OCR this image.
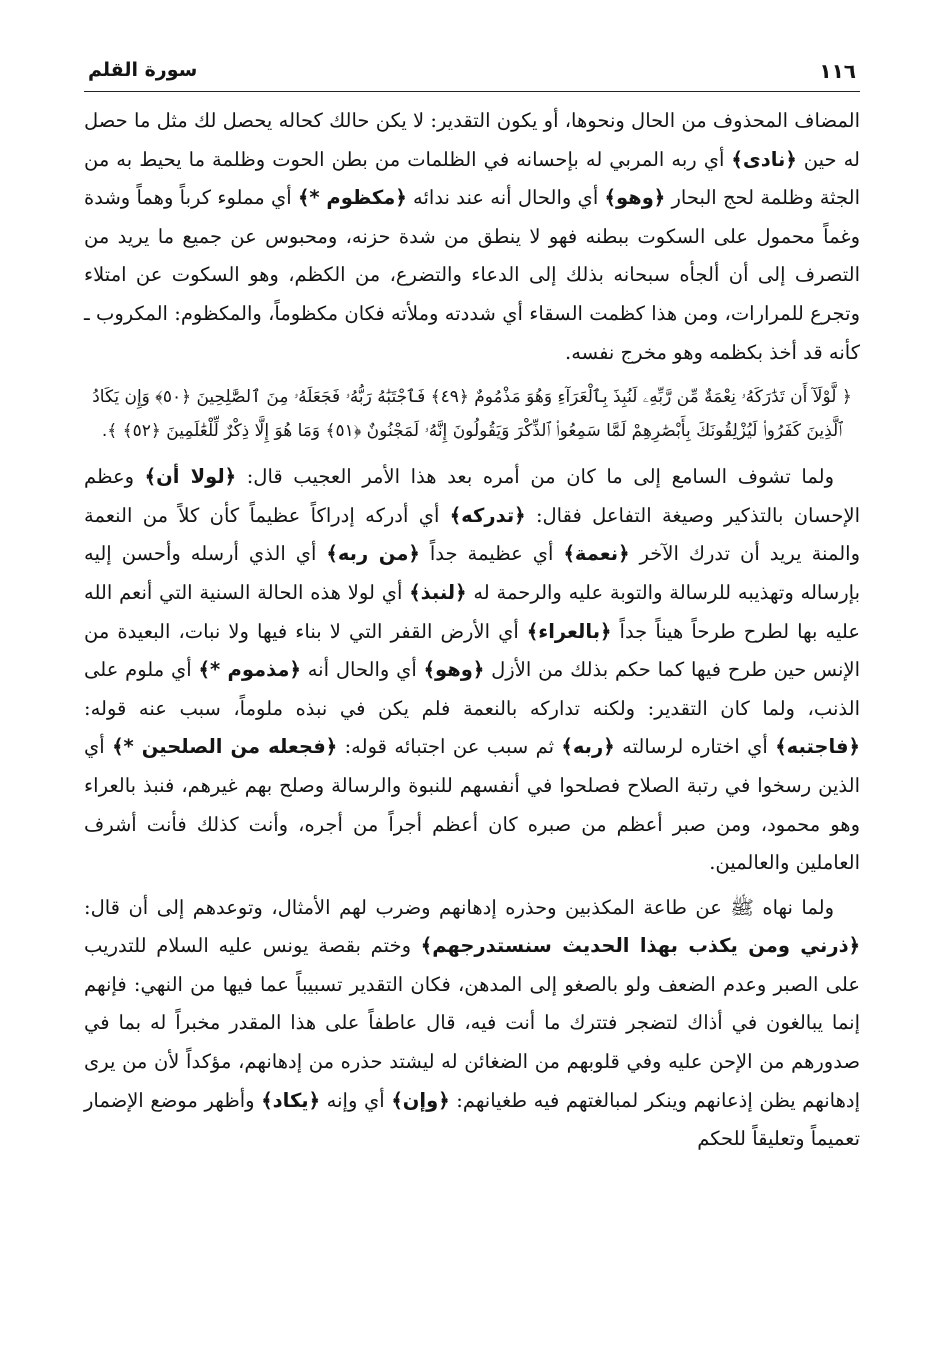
١١٦
سورة القلم

المضاف المحذوف من الحال ونحوها، أو يكون التقدير: لا يكن حالك كحاله يحصل لك مثل ما حصل له حين ﴿نادى﴾ أي ربه المربي له بإحسانه في الظلمات من بطن الحوت وظلمة ما يحيط به من الجثة وظلمة لحج البحار ﴿وهو﴾ أي والحال أنه عند ندائه ﴿مكظوم *﴾ أي مملوء كرباً وهماً وشدة وغماً محمول على السكوت ببطنه فهو لا ينطق من شدة حزنه، ومحبوس عن جميع ما يريد من التصرف إلى أن ألجأه سبحانه بذلك إلى الدعاء والتضرع، من الكظم، وهو السكوت عن امتلاء وتجرع للمرارات، ومن هذا كظمت السقاء أي شددته وملأته فكان مكظوماً، والمكظوم: المكروب ـ كأنه قد أخذ بكظمه وهو مخرج نفسه.

﴿ لَّوْلَآ أَن تَدَٰرَكَهُۥ نِعْمَةٌ مِّن رَّبِّهِۦ لَنُبِذَ بِٱلْعَرَآءِ وَهُوَ مَذْمُومٌ ﴿٤٩﴾ فَٱجْتَبَٰهُ رَبُّهُۥ فَجَعَلَهُۥ مِنَ ٱلصَّٰلِحِينَ ﴿٥٠﴾ وَإِن يَكَادُ ٱلَّذِينَ كَفَرُوا۟ لَيُزْلِقُونَكَ بِأَبْصَٰرِهِمْ لَمَّا سَمِعُوا۟ ٱلذِّكْرَ وَيَقُولُونَ إِنَّهُۥ لَمَجْنُونٌ ﴿٥١﴾ وَمَا هُوَ إِلَّا ذِكْرٌ لِّلْعَٰلَمِينَ ﴿٥٢﴾ ﴾.

ولما تشوف السامع إلى ما كان من أمره بعد هذا الأمر العجيب قال: ﴿لولا أن﴾ وعظم الإحسان بالتذكير وصيغة التفاعل فقال: ﴿تدركه﴾ أي أدركه إدراكاً عظيماً كأن كلاً من النعمة والمنة يريد أن تدرك الآخر ﴿نعمة﴾ أي عظيمة جداً ﴿من ربه﴾ أي الذي أرسله وأحسن إليه بإرساله وتهذيبه للرسالة والتوبة عليه والرحمة له ﴿لنبذ﴾ أي لولا هذه الحالة السنية التي أنعم الله عليه بها لطرح طرحاً هيناً جداً ﴿بالعراء﴾ أي الأرض القفر التي لا بناء فيها ولا نبات، البعيدة من الإنس حين طرح فيها كما حكم بذلك من الأزل ﴿وهو﴾ أي والحال أنه ﴿مذموم *﴾ أي ملوم على الذنب، ولما كان التقدير: ولكنه تداركه بالنعمة فلم يكن في نبذه ملوماً، سبب عنه قوله: ﴿فاجتبه﴾ أي اختاره لرسالته ﴿ربه﴾ ثم سبب عن اجتبائه قوله: ﴿فجعله من الصلحين *﴾ أي الذين رسخوا في رتبة الصلاح فصلحوا في أنفسهم للنبوة والرسالة وصلح بهم غيرهم، فنبذ بالعراء وهو محمود، ومن صبر أعظم من صبره كان أعظم أجراً من أجره، وأنت كذلك فأنت أشرف العاملين والعالمين.

ولما نهاه ﷺ عن طاعة المكذبين وحذره إدهانهم وضرب لهم الأمثال، وتوعدهم إلى أن قال: ﴿ذرني ومن يكذب بهذا الحديث سنستدرجهم﴾ وختم بقصة يونس عليه السلام للتدريب على الصبر وعدم الضعف ولو بالصغو إلى المدهن، فكان التقدير تسبيباً عما فيها من النهي: فإنهم إنما يبالغون في أذاك لتضجر فتترك ما أنت فيه، قال عاطفاً على هذا المقدر مخبراً له بما في صدورهم من الإحن عليه وفي قلوبهم من الضغائن له ليشتد حذره من إدهانهم، مؤكداً لأن من يرى إدهانهم يظن إذعانهم وينكر لمبالغتهم فيه طغيانهم: ﴿وإن﴾ أي وإنه ﴿يكاد﴾ وأظهر موضع الإضمار تعميماً وتعليقاً للحكم
